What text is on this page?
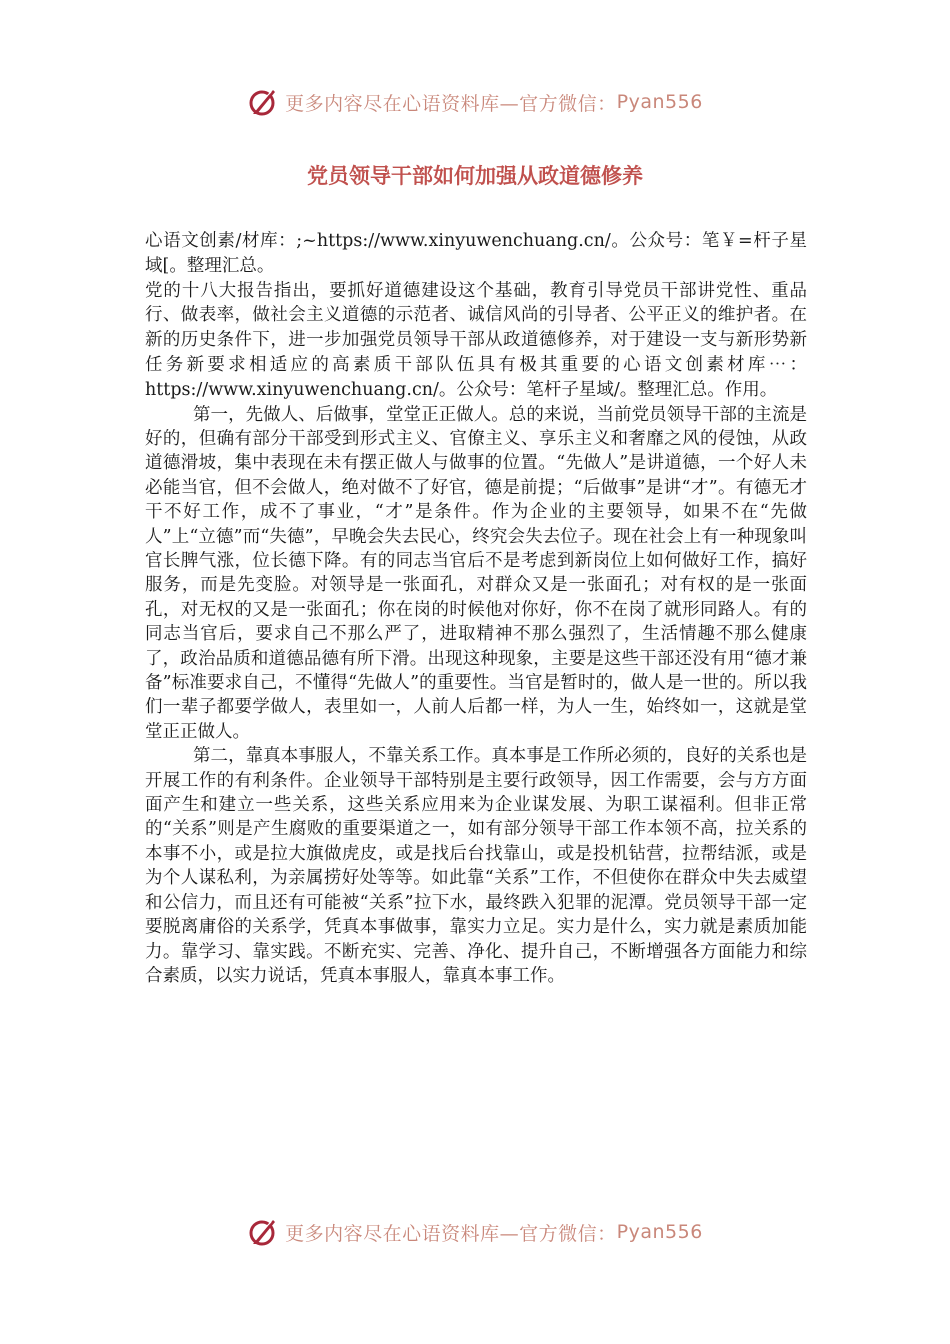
更多内容尽在心语资料库—官方微信： Pyan556
党员领导干部如何加强从政道德修养

心语文创素/材库：;~https://www.xinyuwenchuang.cn/。公众号：笔￥=杆子星域[。整理汇总。

党的十八大报告指出，要抓好道德建设这个基础，教育引导党员干部讲党性、重品行、做表率，做社会主义道德的示范者、诚信风尚的引导者、公平正义的维护者。在新的历史条件下，进一步加强党员领导干部从政道德修养，对于建设一支与新形势新任务新要求相适应的高素质干部队伍具有极其重要的心语文创素材库⋯：https://www.xinyuwenchuang.cn/。公众号：笔杆子星域/。整理汇总。作用。

第一，先做人、后做事，堂堂正正做人。总的来说，当前党员领导干部的主流是好的，但确有部分干部受到形式主义、官僚主义、享乐主义和奢靡之风的侵蚀，从政道德滑坡，集中表现在未有摆正做人与做事的位置。“先做人”是讲道德，一个好人未必能当官，但不会做人，绝对做不了好官，德是前提；“后做事”是讲“才”。有德无才干不好工作，成不了事业，“才”是条件。作为企业的主要领导，如果不在“先做人”上“立德”而“失德”，早晚会失去民心，终究会失去位子。现在社会上有一种现象叫官长脾气涨，位长德下降。有的同志当官后不是考虑到新岗位上如何做好工作，搞好服务，而是先变脸。对领导是一张面孔，对群众又是一张面孔；对有权的是一张面孔，对无权的又是一张面孔；你在岗的时候他对你好，你不在岗了就形同路人。有的同志当官后，要求自己不那么严了，进取精神不那么强烈了，生活情趣不那么健康了，政治品质和道德品德有所下滑。出现这种现象，主要是这些干部还没有用“德才兼备”标准要求自己，不懂得“先做人”的重要性。当官是暂时的，做人是一世的。所以我们一辈子都要学做人，表里如一，人前人后都一样，为人一生，始终如一，这就是堂堂正正做人。

第二，靠真本事服人，不靠关系工作。真本事是工作所必须的，良好的关系也是开展工作的有利条件。企业领导干部特别是主要行政领导，因工作需要，会与方方面面产生和建立一些关系，这些关系应用来为企业谋发展、为职工谋福利。但非正常的“关系”则是产生腐败的重要渠道之一，如有部分领导干部工作本领不高，拉关系的本事不小，或是拉大旗做虎皮，或是找后台找靠山，或是投机钻营，拉帮结派，或是为个人谋私利，为亲属捞好处等等。如此靠“关系”工作，不但使你在群众中失去威望和公信力，而且还有可能被“关系”拉下水，最终跌入犯罪的泥潭。党员领导干部一定要脱离庸俗的关系学，凭真本事做事，靠实力立足。实力是什么，实力就是素质加能力。靠学习、靠实践。不断充实、完善、净化、提升自己，不断增强各方面能力和综合素质，以实力说话，凭真本事服人，靠真本事工作。

更多内容尽在心语资料库—官方微信： Pyan556
